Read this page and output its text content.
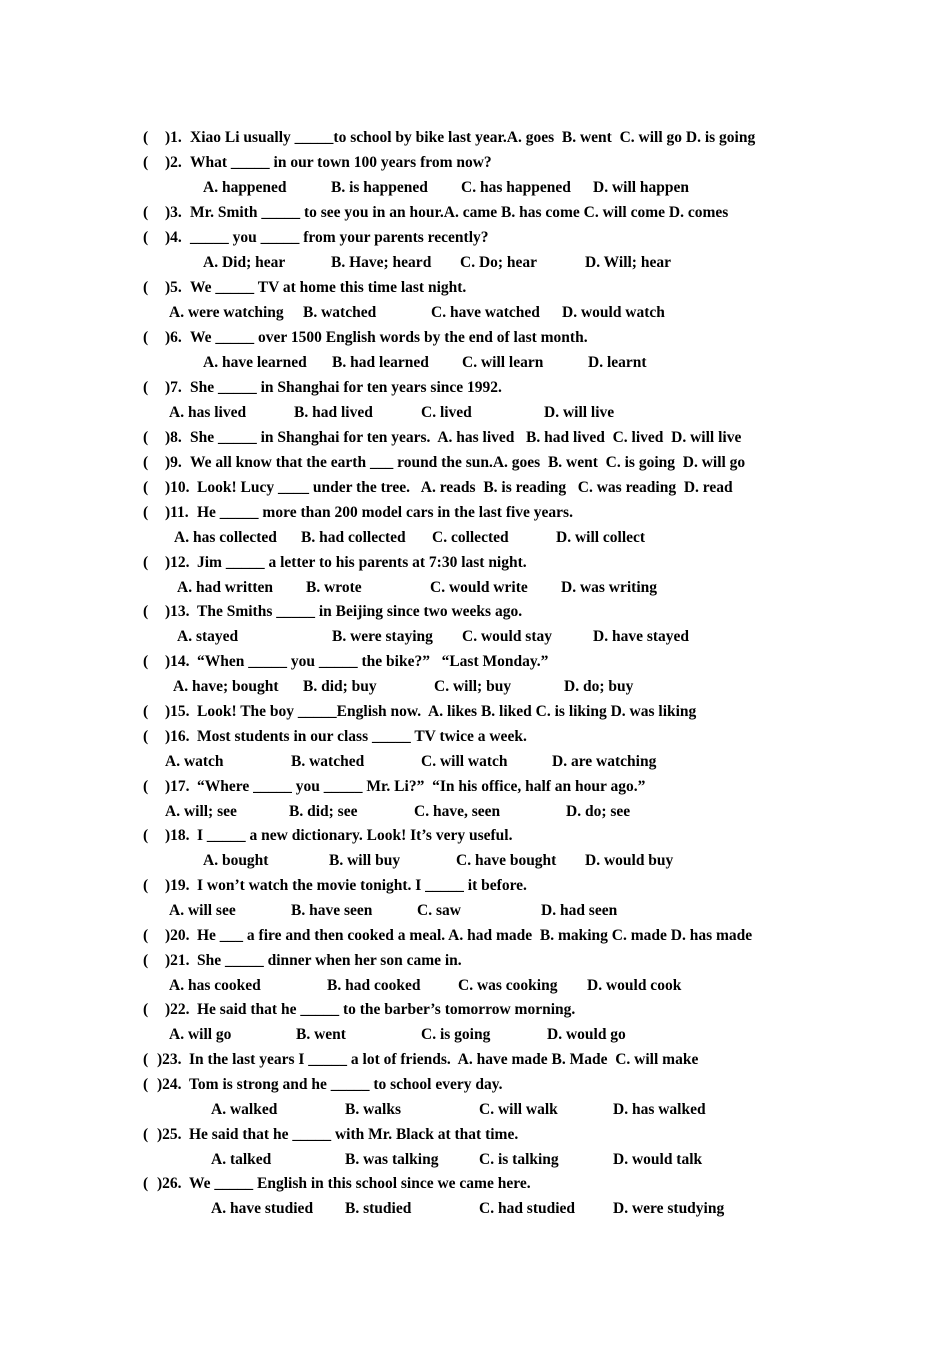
(

)1.

Xiao Li usually _____to school by bike last year.A. goes  B. went  C. will go D. is going

(

)2.

What _____ in our town 100 years from now?

A. happened

	B. is happened

C. has happened

D. will happen

(

)3.

Mr. Smith _____ to see you in an hour.A. came B. has come C. will come D. comes

(

)4.

_____ you _____ from your parents recently?

A. Did; hear

	B. Have; heard

C. Do; hear

	D. Will; hear

(

)5.

We _____ TV at home this time last night.

A. were watching

B. watched

	C. have watched

D. would watch

(

)6.

We _____ over 1500 English words by the end of last month.

A. have learned

B. had learned

C. will learn

	D. learnt

(

)7.

She _____ in Shanghai for ten years since 1992.

A. has lived

	B. had lived

	C. lived

	D. will live

(

)8.

She _____ in Shanghai for ten years.  A. has lived   B. had lived  C. lived  D. will live

(

)9.

We all know that the earth ___ round the sun.A. goes  B. went  C. is going  D. will go

(

)10.

Look! Lucy ____ under the tree.   A. reads  B. is reading   C. was reading  D. read

(

)11.

He _____ more than 200 model cars in the last five years.

A. has collected

B. had collected

C. collected

	D. will collect

(

)12.

Jim _____ a letter to his parents at 7:30 last night.

A. had written

B. wrote

	C. would write

D. was writing

(

)13.

The Smiths _____ in Beijing since two weeks ago.

A. stayed

	B. were staying

C. would stay

	D. have stayed

(

)14.

“When _____ you _____ the bike?”   “Last Monday.”

A. have; bought

B. did; buy

	C. will; buy

	D. do; buy

(

)15.

Look! The boy _____English now.  A. likes B. liked C. is liking D. was liking

(

)16.

Most students in our class _____ TV twice a week.

A. watch

	B. watched

	C. will watch

	D. are watching

(

)17.

“Where _____ you _____ Mr. Li?”  “In his office, half an hour ago.”

A. will; see

	B. did; see

	C. have, seen

	D. do; see

(

)18.

I _____ a new dictionary. Look! It’s very useful.

A. bought

	B. will buy

	C. have bought

D. would buy

(

)19.

I won’t watch the movie tonight. I _____ it before.

A. will see

	B. have seen

	C. saw

	D. had seen

(

)20.

He ___ a fire and then cooked a meal. A. had made  B. making C. made D. has made

(

)21.

She _____ dinner when her son came in.

A. has cooked

	B. had cooked

C. was cooking

D. would cook

(

)22.

He said that he _____ to the barber’s tomorrow morning.

A. will go

	B. went

	C. is going

	D. would go

(

)23.

In the last years I _____ a lot of friends.  A. have made B. Made  C. will make

(

)24.

Tom is strong and he _____ to school every day.

A. walked

	B. walks

	C. will walk

	D. has walked

(

)25.

He said that he _____ with Mr. Black at that time.

A. talked

	B. was talking

	C. is talking

	D. would talk

(

)26.

We _____ English in this school since we came here.

A. have studied

B. studied

	C. had studied

D. were studying
